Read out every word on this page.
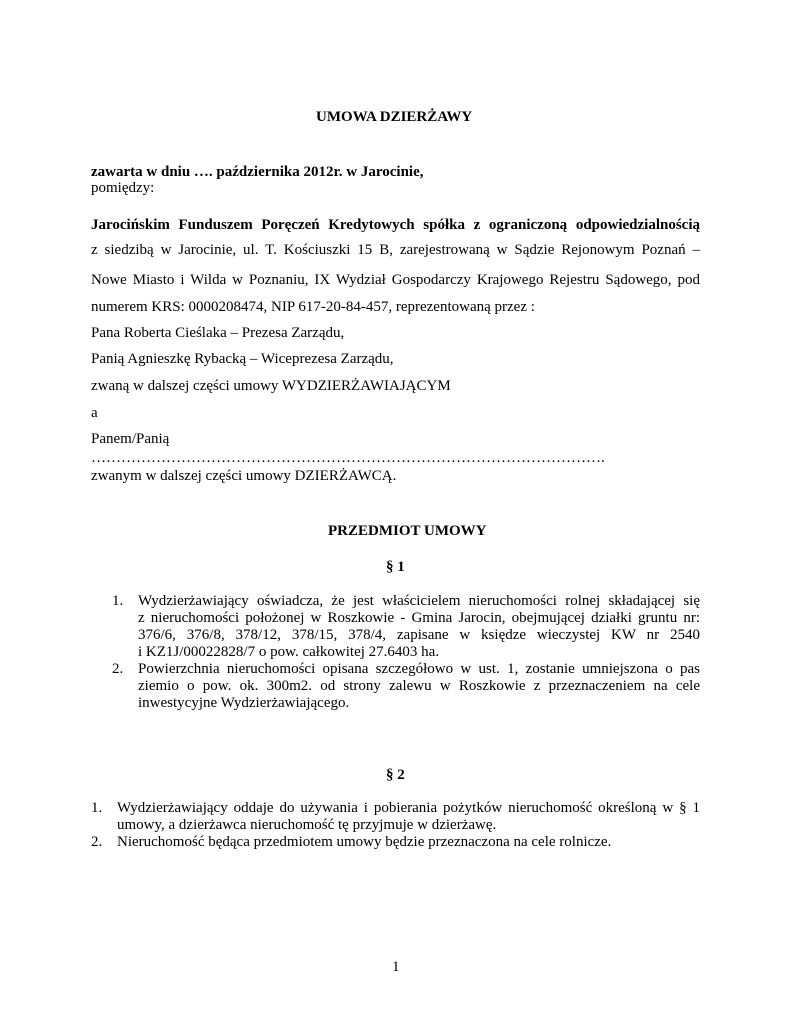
UMOWA DZIERŻAWY
zawarta w dniu …. października 2012r. w Jarocinie,
pomiędzy:
Jarocińskim Funduszem Poręczeń Kredytowych spółka z ograniczoną odpowiedzialnością
z siedzibą w Jarocinie, ul. T. Kościuszki 15 B, zarejestrowaną w Sądzie Rejonowym Poznań –
Nowe Miasto i Wilda w Poznaniu, IX Wydział Gospodarczy Krajowego Rejestru Sądowego, pod
numerem KRS: 0000208474, NIP 617-20-84-457, reprezentowaną przez :
Pana Roberta Cieślaka – Prezesa Zarządu,
Panią Agnieszkę Rybacką – Wiceprezesa Zarządu,
zwaną w dalszej części umowy WYDZIERŻAWIAJĄCYM
a
Panem/Panią
………………………………………………………………………………………….
zwanym w dalszej części umowy DZIERŻAWCĄ.
PRZEDMIOT UMOWY
§ 1
1. Wydzierżawiający oświadcza, że jest właścicielem nieruchomości rolnej składającej się
z nieruchomości położonej w Roszkowie - Gmina Jarocin, obejmującej działki gruntu nr:
376/6, 376/8, 378/12, 378/15, 378/4, zapisane w księdze wieczystej KW nr 2540
i KZ1J/00022828/7 o pow. całkowitej 27.6403 ha.
2. Powierzchnia nieruchomości opisana szczegółowo w ust. 1, zostanie umniejszona o pas
ziemio o pow. ok. 300m2. od strony zalewu w Roszkowie z przeznaczeniem na cele
inwestycyjne Wydzierżawiającego.
§ 2
1. Wydzierżawiający oddaje do używania i pobierania pożytków nieruchomość określoną w § 1
umowy, a dzierżawca nieruchomość tę przyjmuje w dzierżawę.
2. Nieruchomość będąca przedmiotem umowy będzie przeznaczona na cele rolnicze.
1
